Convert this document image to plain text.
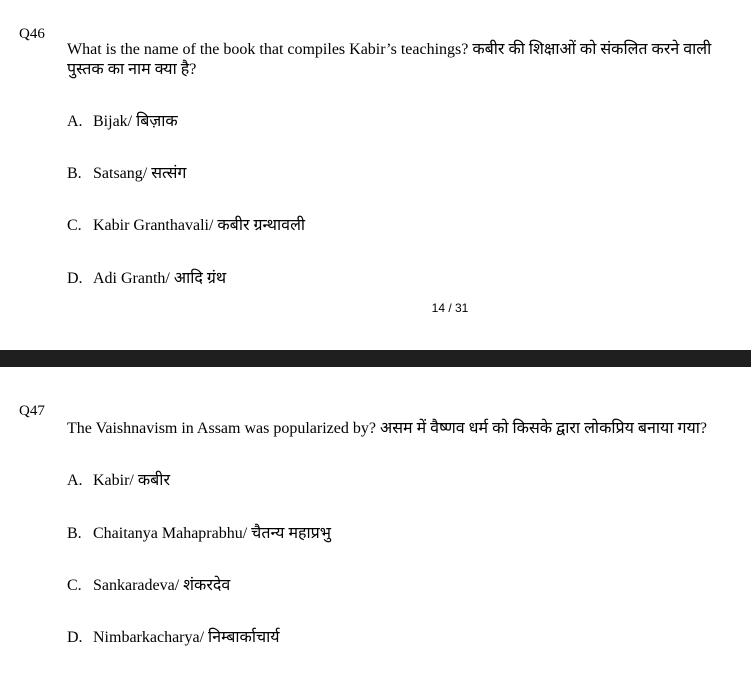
Q46
What is the name of the book that compiles Kabir’s teachings? कबीर की शिक्षाओं को संकलित करने वाली पुस्तक का नाम क्या है?
A. Bijak/ बिज़ाक
B. Satsang/ सत्संग
C. Kabir Granthavali/ कबीर ग्रन्थावली
D. Adi Granth/ आदि ग्रंथ
14 / 31
Q47
The Vaishnavism in Assam was popularized by? असम में वैष्णव धर्म को किसके द्वारा लोकप्रिय बनाया गया?
A. Kabir/ कबीर
B. Chaitanya Mahaprabhu/ चैतन्य महाप्रभु
C. Sankaradeva/ शंकरदेव
D. Nimbarkacharya/ निम्बार्काचार्य
